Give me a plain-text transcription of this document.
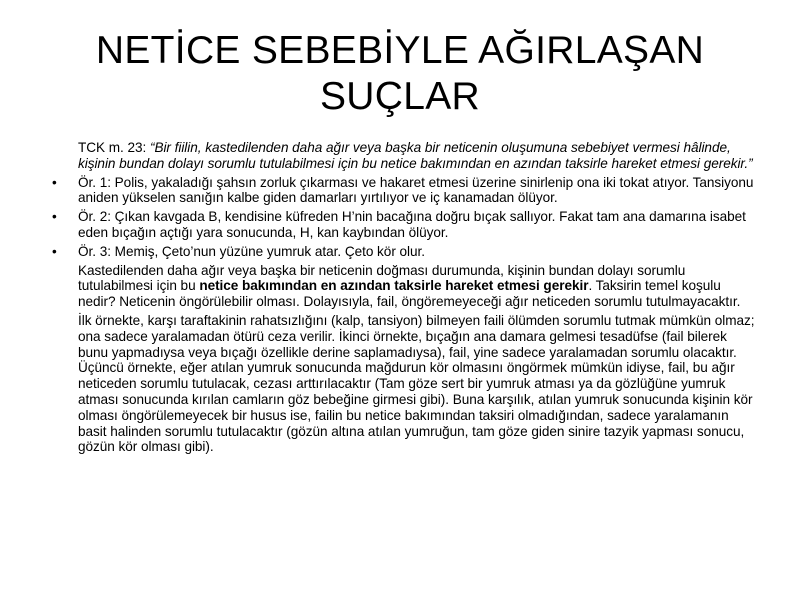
NETİCE SEBEBİYLE AĞIRLAŞAN SUÇLAR

TCK m. 23: “Bir fiilin, kastedilenden daha ağır veya başka bir neticenin oluşumuna sebebiyet vermesi hâlinde, kişinin bundan dolayı sorumlu tutulabilmesi için bu netice bakımından en azından taksirle hareket etmesi gerekir.”

• Ör. 1: Polis, yakaladığı şahsın zorluk çıkarması ve hakaret etmesi üzerine sinirlenip ona iki tokat atıyor. Tansiyonu aniden yükselen sanığın kalbe giden damarları yırtılıyor ve iç kanamadan ölüyor.
• Ör. 2: Çıkan kavgada B, kendisine küfreden H’nin bacağına doğru bıçak sallıyor. Fakat tam ana damarına isabet eden bıçağın açtığı yara sonucunda, H, kan kaybından ölüyor.
• Ör. 3: Memiş, Çeto’nun yüzüne yumruk atar. Çeto kör olur.

Kastedilenden daha ağır veya başka bir neticenin doğması durumunda, kişinin bundan dolayı sorumlu tutulabilmesi için bu netice bakımından en azından taksirle hareket etmesi gerekir. Taksirin temel koşulu nedir? Neticenin öngörülebilir olması. Dolayısıyla, fail, öngöremeyeceği ağır neticeden sorumlu tutulmayacaktır.

İlk örnekte, karşı taraftakinin rahatsızlığını (kalp, tansiyon) bilmeyen faili ölümden sorumlu tutmak mümkün olmaz; ona sadece yaralamadan ötürü ceza verilir. İkinci örnekte, bıçağın ana damara gelmesi tesadüfse (fail bilerek bunu yapmadıysa veya bıçağı özellikle derine saplamadıysa), fail, yine sadece yaralamadan sorumlu olacaktır. Üçüncü örnekte, eğer atılan yumruk sonucunda mağdurun kör olmasını öngörmek mümkün idiyse, fail, bu ağır neticeden sorumlu tutulacak, cezası arttırılacaktır (Tam göze sert bir yumruk atması ya da gözlüğüne yumruk atması sonucunda kırılan camların göz bebeğine girmesi gibi). Buna karşılık, atılan yumruk sonucunda kişinin kör olması öngörülemeyecek bir husus ise, failin bu netice bakımından taksiri olmadığından, sadece yaralamanın basit halinden sorumlu tutulacaktır (gözün altına atılan yumruğun, tam göze giden sinire tazyik yapması sonucu, gözün kör olması gibi).
